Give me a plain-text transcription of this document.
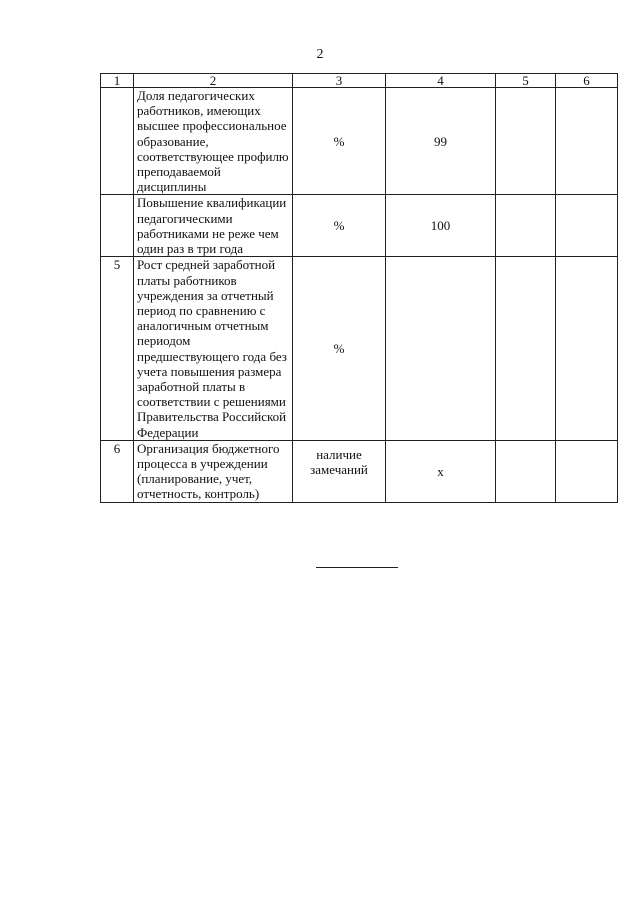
2
1	2	3	4	5	6
	Доля педагогических работников, имеющих высшее профессиональное образование, соответствующее профилю преподаваемой дисциплины	%	99		
	Повышение квалификации педагогическими работниками не реже чем один раз в три года	%	100		
5	Рост средней заработной платы работников учреждения за отчетный период по сравнению с аналогичным отчетным периодом предшествующего года без учета повышения размера заработной платы в соответствии с решениями Правительства Российской Федерации	%			
6	Организация бюджетного процесса в учреждении (планирование, учет, отчетность, контроль)	наличие замечаний	х		
